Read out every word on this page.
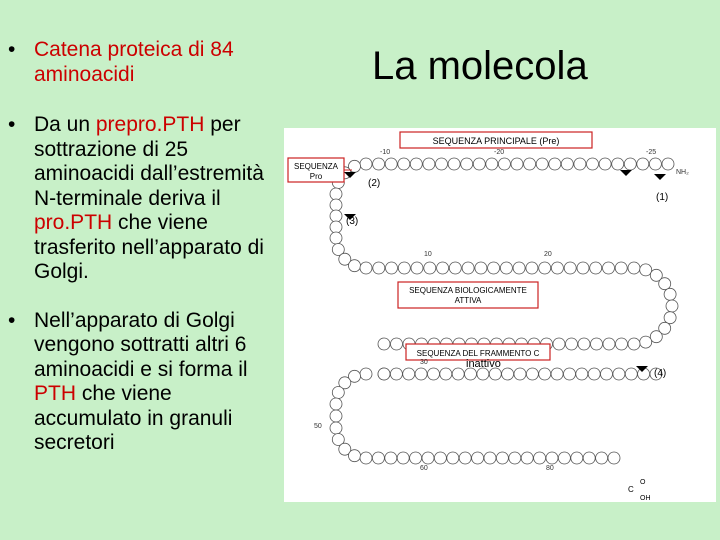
La molecola
• Catena proteica di 84 aminoacidi
• Da un prepro.PTH per sottrazione di 25 aminoacidi dall’estremità N-terminale deriva il pro.PTH che viene trasferito nell’apparato di Golgi.
• Nell’apparato di Golgi vengono sottratti altri 6 aminoacidi e si forma il PTH che viene accumulato in granuli secretori
SEQUENZA PRINCIPALE (Pre)
SEQUENZA
Pro
SEQUENZA BIOLOGICAMENTE
ATTIVA
SEQUENZA DEL FRAMMENTO C
(2)
(3)
(1)
(4)
-10	-20	-25
NH₂
10	20
30
50
60	80
C
O
OH
inattivo
